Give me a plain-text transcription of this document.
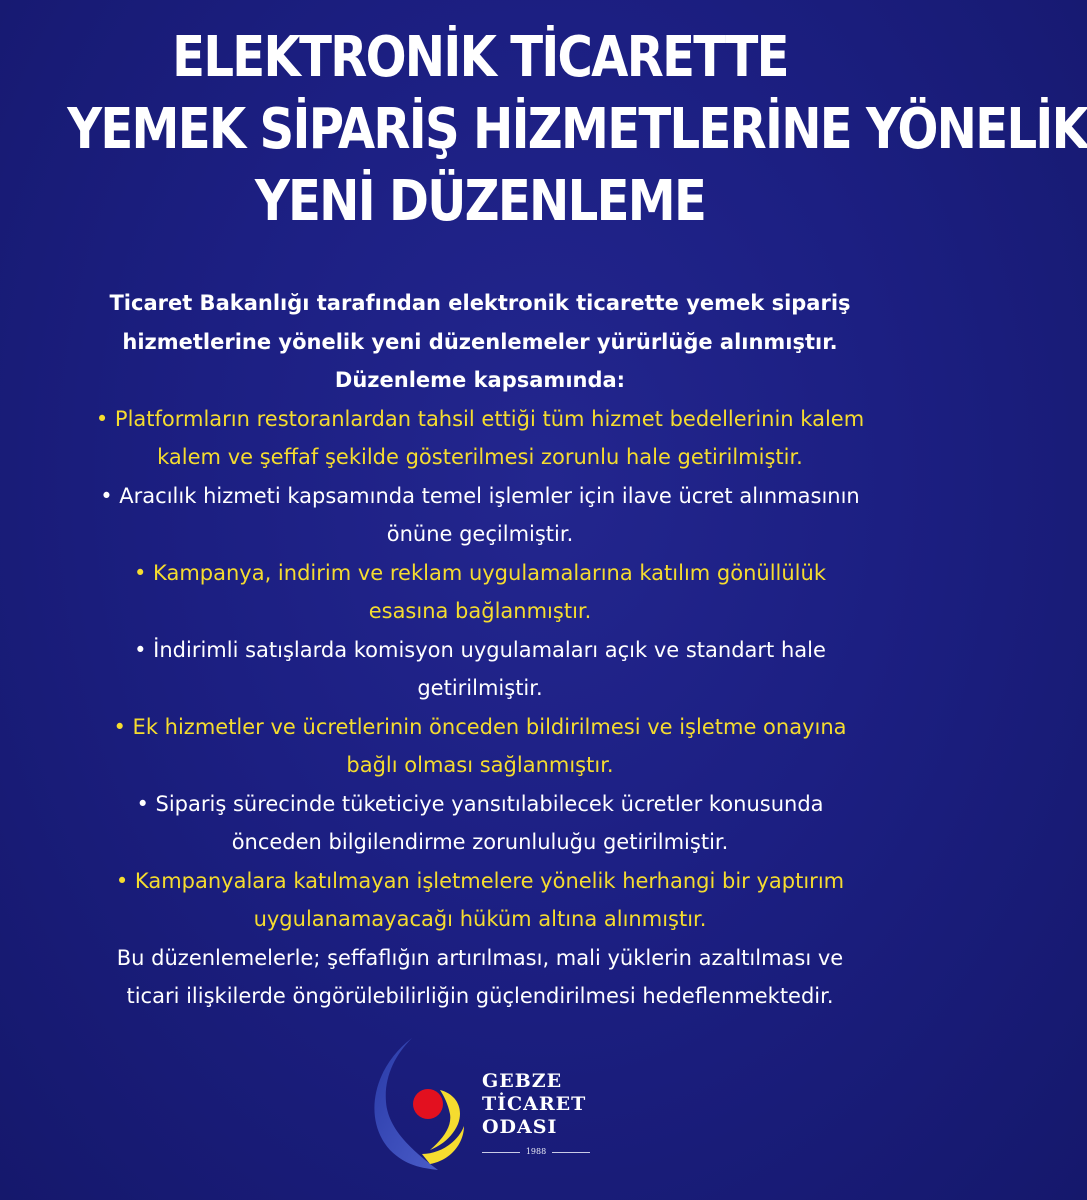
ELEKTRONİK TİCARETTE
YEMEK SİPARİŞ HİZMETLERİNE YÖNELİK
YENİ DÜZENLEME

Ticaret Bakanlığı tarafından elektronik ticarette yemek sipariş

hizmetlerine yönelik yeni düzenlemeler yürürlüğe alınmıştır.

Düzenleme kapsamında:

• Platformların restoranlardan tahsil ettiği tüm hizmet bedellerinin kalem

kalem ve şeffaf şekilde gösterilmesi zorunlu hale getirilmiştir.

• Aracılık hizmeti kapsamında temel işlemler için ilave ücret alınmasının

önüne geçilmiştir.

• Kampanya, indirim ve reklam uygulamalarına katılım gönüllülük

esasına bağlanmıştır.

• İndirimli satışlarda komisyon uygulamaları açık ve standart hale

getirilmiştir.

• Ek hizmetler ve ücretlerinin önceden bildirilmesi ve işletme onayına

bağlı olması sağlanmıştır.

• Sipariş sürecinde tüketiciye yansıtılabilecek ücretler konusunda

önceden bilgilendirme zorunluluğu getirilmiştir.

• Kampanyalara katılmayan işletmelere yönelik herhangi bir yaptırım

uygulanamayacağı hüküm altına alınmıştır.

Bu düzenlemelerle; şeffaflığın artırılması, mali yüklerin azaltılması ve

ticari ilişkilerde öngörülebilirliğin güçlendirilmesi hedeflenmektedir.

GEBZE
TİCARET
ODASI
1988
